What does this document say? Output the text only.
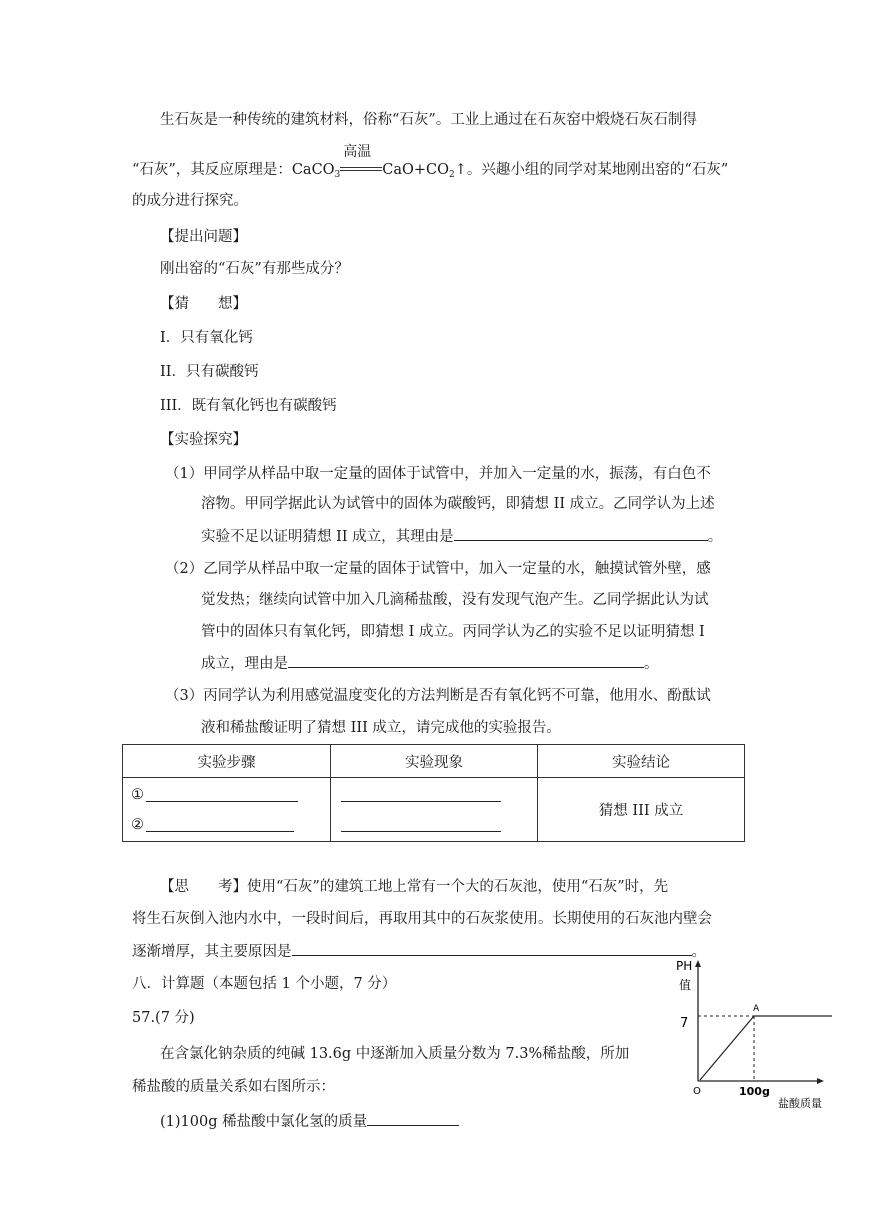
生石灰是一种传统的建筑材料，俗称“石灰”。工业上通过在石灰窑中煅烧石灰石制得
“石灰”，其反应原理是：CaCO$_3$
高温
$CaO+CO_2↑$。兴趣小组的同学对某地刚出窑的“石灰”
的成分进行探究。
【提出问题】
刚出窑的“石灰”有那些成分？
【猜　　想】
I．只有氧化钙
II．只有碳酸钙
III．既有氧化钙也有碳酸钙
【实验探究】
（1）甲同学从样品中取一定量的固体于试管中，并加入一定量的水，振荡，有白色不
溶物。甲同学据此认为试管中的固体为碳酸钙，即猜想 II 成立。乙同学认为上述
实验不足以证明猜想 II 成立，其理由是	。
（2）乙同学从样品中取一定量的固体于试管中，加入一定量的水，触摸试管外壁，感
觉发热；继续向试管中加入几滴稀盐酸，没有发现气泡产生。乙同学据此认为试
管中的固体只有氧化钙，即猜想 I 成立。丙同学认为乙的实验不足以证明猜想 I
成立，理由是	。
（3）丙同学认为利用感觉温度变化的方法判断是否有氧化钙不可靠，他用水、酚酞试
液和稀盐酸证明了猜想 III 成立，请完成他的实验报告。
实验步骤	实验现象	实验结论

①
②		猜想 III 成立
【思　　考】使用“石灰”的建筑工地上常有一个大的石灰池，使用“石灰”时，先
将生石灰倒入池内水中，一段时间后，再取用其中的石灰浆使用。长期使用的石灰池内壁会
逐渐增厚，其主要原因是	。
八．计算题（本题包括 1 个小题，7 分）
57.(7 分)
在含氯化钠杂质的纯碱 13.6g 中逐渐加入质量分数为 7.3%稀盐酸，所加
稀盐酸的质量关系如右图所示：
(1)100g 稀盐酸中氯化氢的质量
PH
值
7
O	100g
盐酸质量
A
